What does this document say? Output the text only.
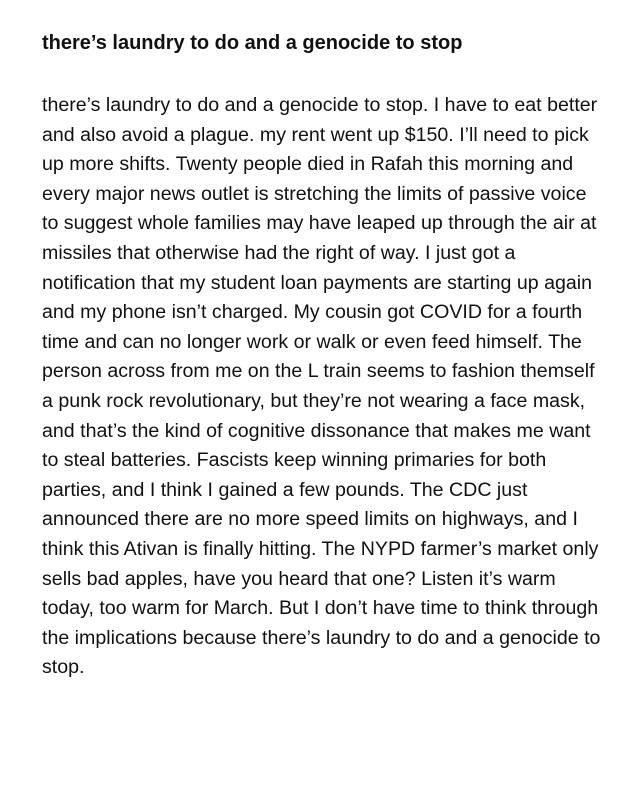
there’s laundry to do and a genocide to stop

there’s laundry to do and a genocide to stop. I have to eat better and also avoid a plague. my rent went up $150. I’ll need to pick up more shifts. Twenty people died in Rafah this morning and every major news outlet is stretching the limits of passive voice to suggest whole families may have leaped up through the air at missiles that otherwise had the right of way. I just got a notification that my student loan payments are starting up again and my phone isn’t charged. My cousin got COVID for a fourth time and can no longer work or walk or even feed himself. The person across from me on the L train seems to fashion themself a punk rock revolutionary, but they’re not wearing a face mask, and that’s the kind of cognitive dissonance that makes me want to steal batteries. Fascists keep winning primaries for both parties, and I think I gained a few pounds. The CDC just announced there are no more speed limits on highways, and I think this Ativan is finally hitting. The NYPD farmer’s market only sells bad apples, have you heard that one? Listen it’s warm today, too warm for March. But I don’t have time to think through the implications because there’s laundry to do and a genocide to stop.
